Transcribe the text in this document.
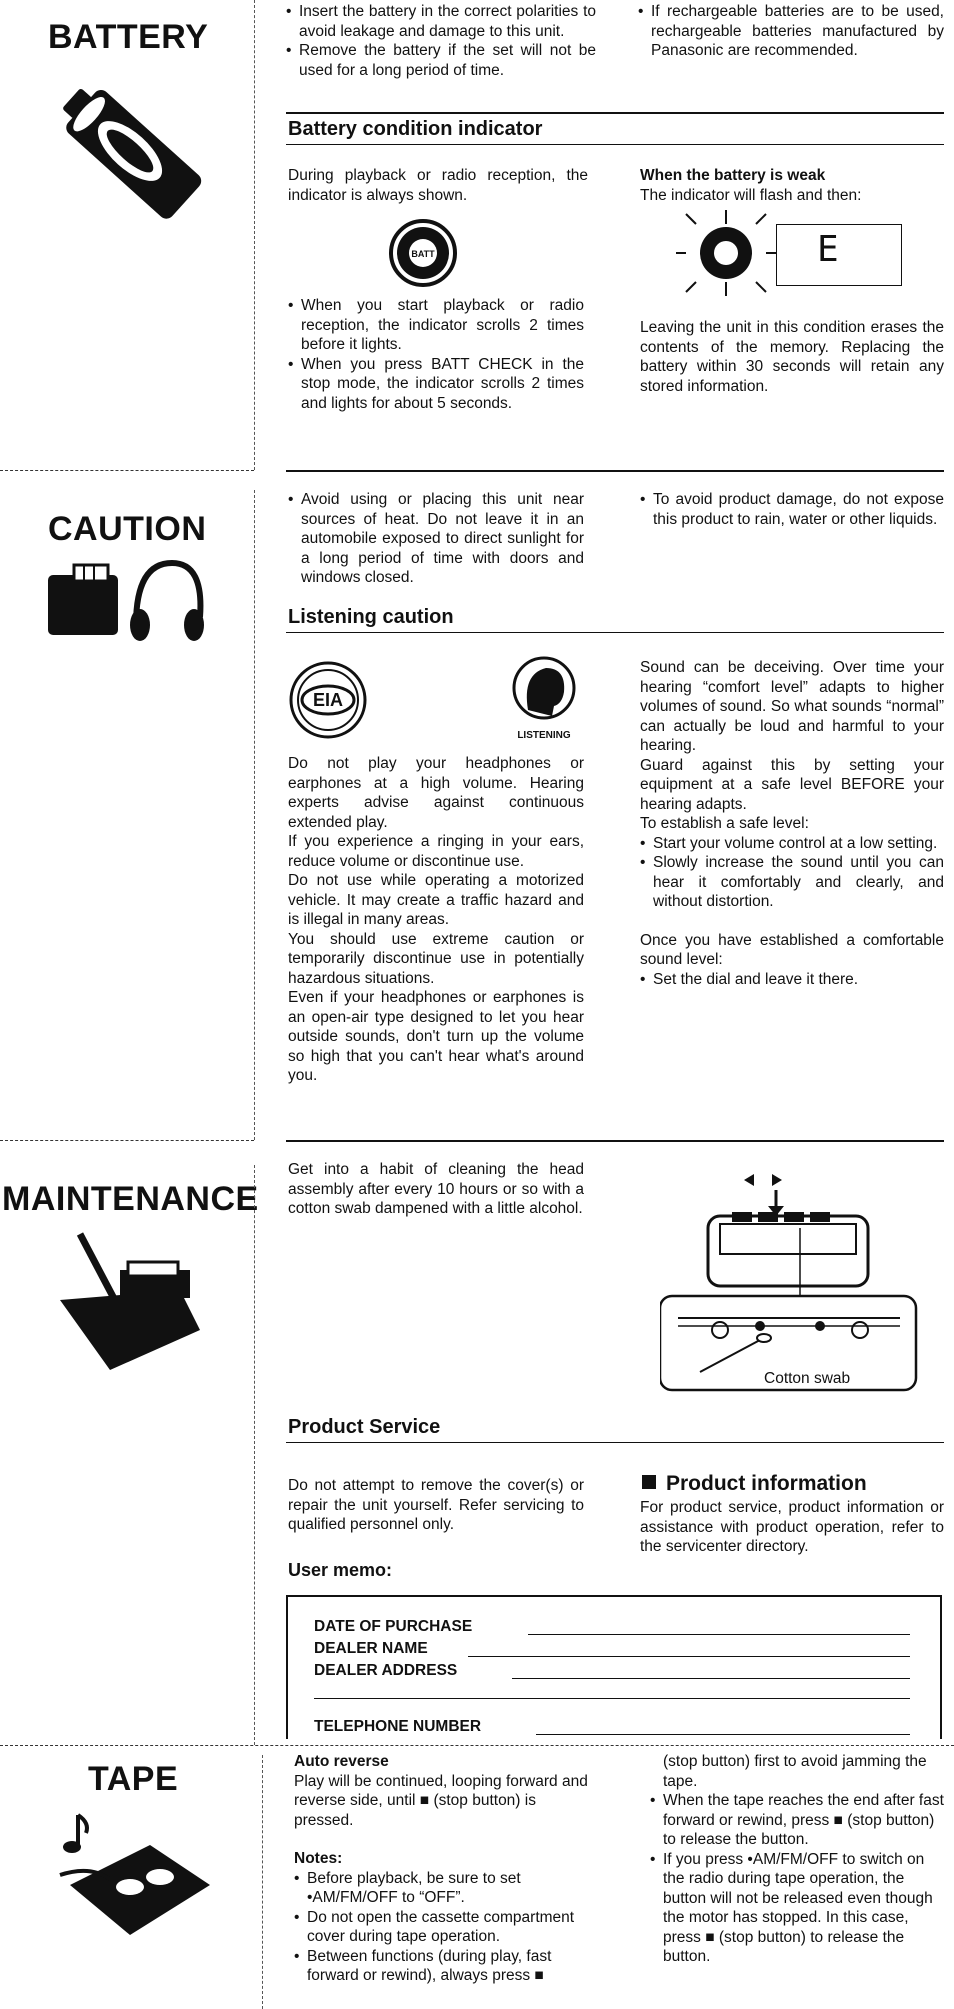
BATTERY
CAUTION
MAINTENANCE
TAPE

• Insert the battery in the correct polarities to avoid leakage and damage to this unit.

• Remove the battery if the set will not be used for a long period of time.

• If rechargeable batteries are to be used, rechargeable batteries manufactured by Panasonic are recommended.

Battery condition indicator
During playback or radio reception, the indicator is always shown.
BATT

• When you start playback or radio reception, the indicator scrolls 2 times before it lights.

• When you press BATT CHECK in the stop mode, the indicator scrolls 2 times and lights for about 5 seconds.

When the battery is weak

The indicator will flash and then:

E
Leaving the unit in this condition erases the contents of the memory. Replacing the battery within 30 seconds will retain any stored information.

• Avoid using or placing this unit near sources of heat. Do not leave it in an automobile exposed to direct sunlight for a long period of time with doors and windows closed.

• To avoid product damage, do not expose this product to rain, water or other liquids.

Listening caution
EIA
LISTENING

Do not play your headphones or earphones at a high volume. Hearing experts advise against continuous extended play.

If you experience a ringing in your ears, reduce volume or discontinue use.

Do not use while operating a motorized vehicle. It may create a traffic hazard and is illegal in many areas.

You should use extreme caution or temporarily discontinue use in potentially hazardous situations.

Even if your headphones or earphones is an open-air type designed to let you hear outside sounds, don't turn up the volume so high that you can't hear what's around you.

Sound can be deceiving. Over time your hearing “comfort level” adapts to higher volumes of sound. So what sounds “normal” can actually be loud and harmful to your hearing.

Guard against this by setting your equipment at a safe level BEFORE your hearing adapts.

To establish a safe level:

• Start your volume control at a low setting.

• Slowly increase the sound until you can hear it comfortably and clearly, and without distortion.

Once you have established a comfortable sound level:

• Set the dial and leave it there.

Get into a habit of cleaning the head assembly after every 10 hours or so with a cotton swab dampened with a little alcohol.
Cotton swab
Product Service
Do not attempt to remove the cover(s) or repair the unit yourself. Refer servicing to qualified personnel only.
Product information
For product service, product information or assistance with product operation, refer to the servicenter directory.
User memo:
DATE OF PURCHASE
DEALER NAME
DEALER ADDRESS
TELEPHONE NUMBER

Auto reverse

Play will be continued, looping forward and reverse side, until ■ (stop button) is pressed.

Notes:

• Before playback, be sure to set •AM/FM/OFF to “OFF”.

• Do not open the cassette compartment cover during tape operation.

• Between functions (during play, fast forward or rewind), always press ■

(stop button) first to avoid jamming the tape.

• When the tape reaches the end after fast forward or rewind, press ■ (stop button) to release the button.

• If you press •AM/FM/OFF to switch on the radio during tape operation, the button will not be released even though the motor has stopped. In this case, press ■ (stop button) to release the button.
